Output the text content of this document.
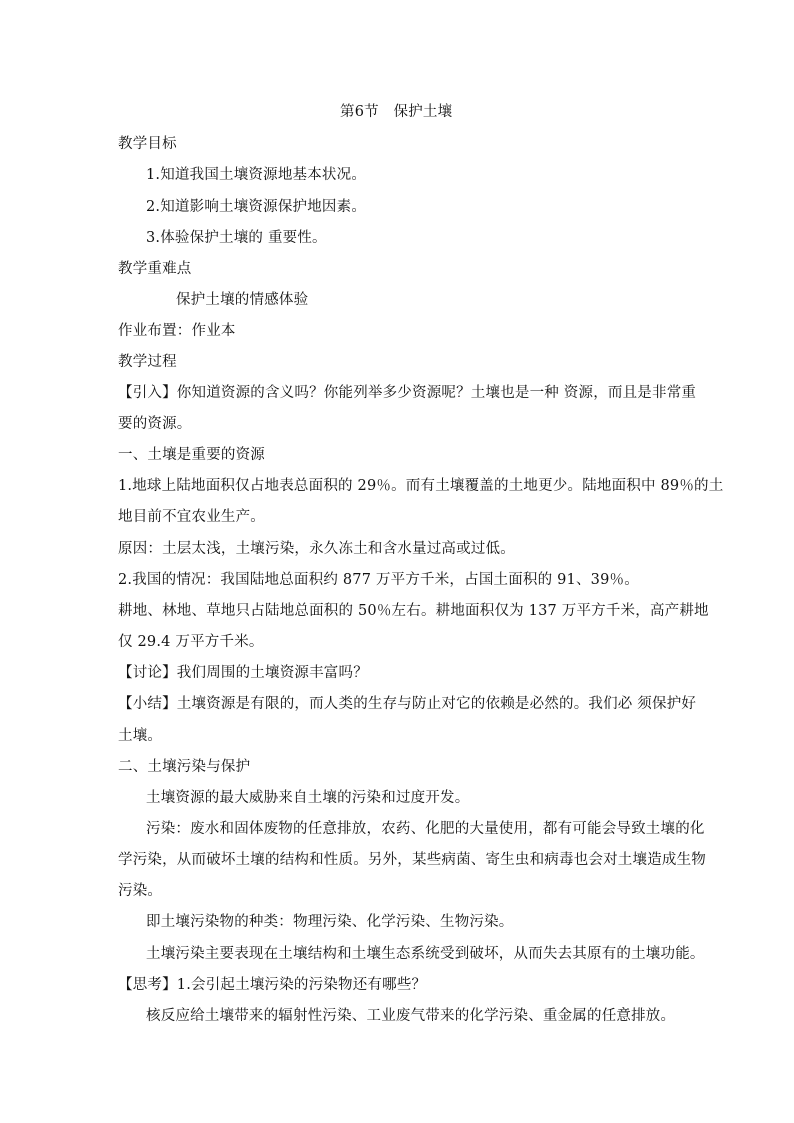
第6节　保护土壤
教学目标
1.知道我国土壤资源地基本状况。
2.知道影响土壤资源保护地因素。
3.体验保护土壤的 重要性。
教学重难点
保护土壤的情感体验
作业布置：作业本
教学过程
【引入】你知道资源的含义吗？你能列举多少资源呢？土壤也是一种 资源，而且是非常重
要的资源。
一、土壤是重要的资源
1.地球上陆地面积仅占地表总面积的 29％。而有土壤覆盖的土地更少。陆地面积中 89％的土
地目前不宜农业生产。
原因：土层太浅，土壤污染，永久冻土和含水量过高或过低。
2.我国的情况：我国陆地总面积约 877 万平方千米，占国土面积的 91、39％。
耕地、林地、草地只占陆地总面积的 50％左右。耕地面积仅为 137 万平方千米，高产耕地
仅 29.4 万平方千米。
【讨论】我们周围的土壤资源丰富吗？
【小结】土壤资源是有限的，而人类的生存与防止对它的依赖是必然的。我们必 须保护好
土壤。
二、土壤污染与保护
土壤资源的最大威胁来自土壤的污染和过度开发。
污染：废水和固体废物的任意排放，农药、化肥的大量使用，都有可能会导致土壤的化
学污染，从而破坏土壤的结构和性质。另外，某些病菌、寄生虫和病毒也会对土壤造成生物
污染。
即土壤污染物的种类：物理污染、化学污染、生物污染。
土壤污染主要表现在土壤结构和土壤生态系统受到破坏，从而失去其原有的土壤功能。
【思考】1.会引起土壤污染的污染物还有哪些？
核反应给土壤带来的辐射性污染、工业废气带来的化学污染、重金属的任意排放。
